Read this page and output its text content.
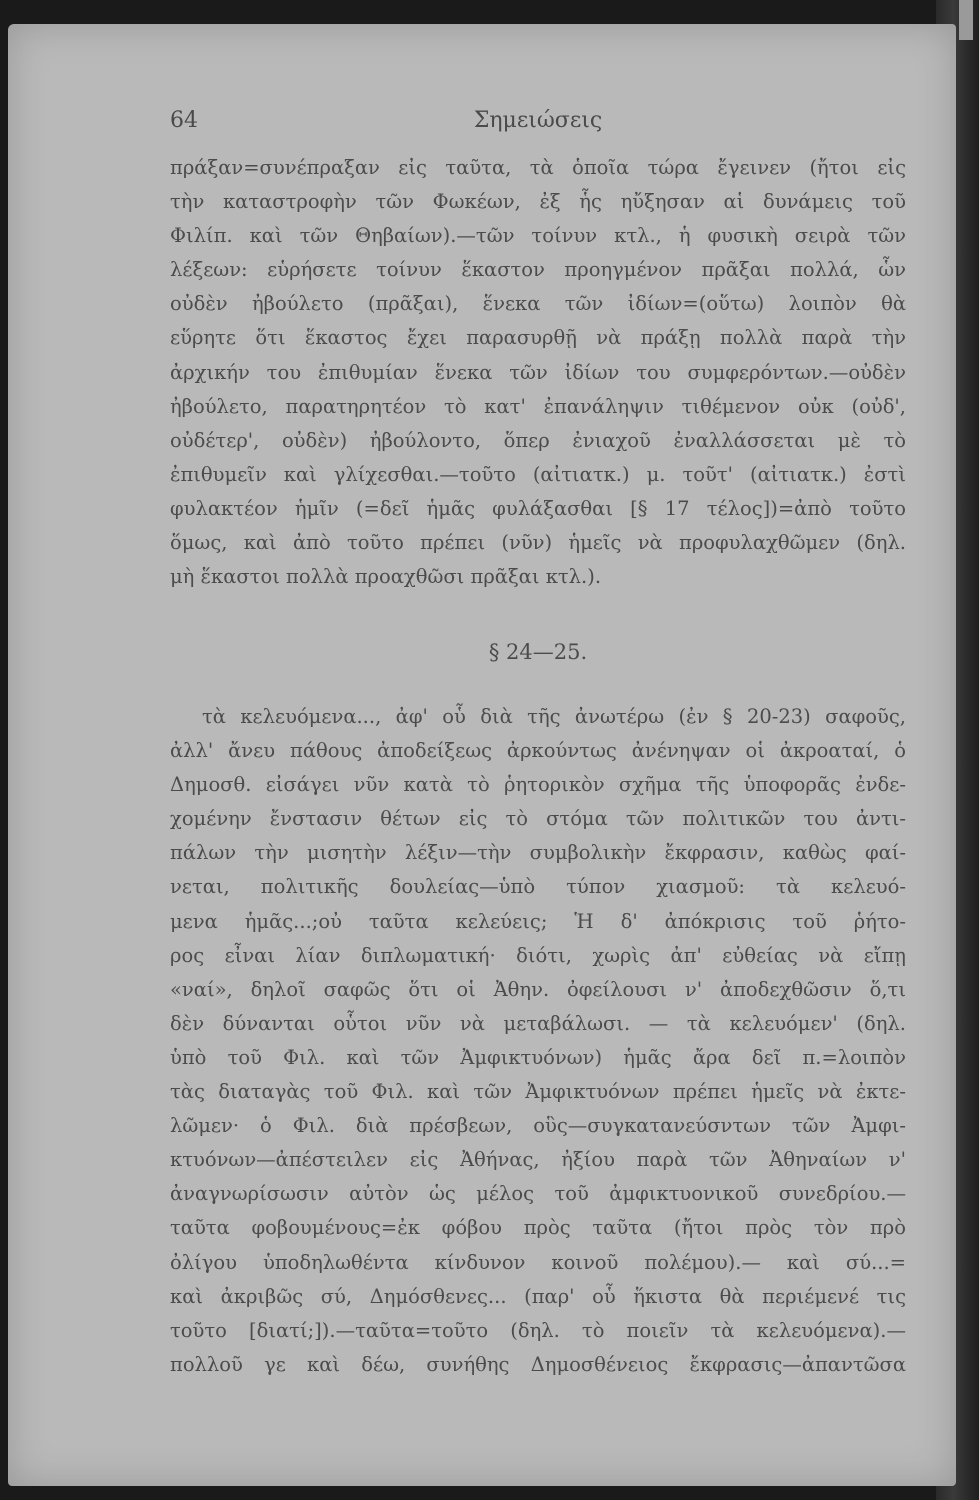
64	Σημειώσεις
πράξαν=συνέπραξαν εἰς ταῦτα, τὰ ὁποῖα τώρα ἔγεινεν (ἤτοι εἰς
τὴν καταστροφὴν τῶν Φωκέων, ἐξ ἧς ηὔξησαν αἱ δυνάμεις τοῦ
Φιλίπ. καὶ τῶν Θηβαίων).—τῶν τοίνυν κτλ., ἡ φυσικὴ σειρὰ τῶν
λέξεων: εὑρήσετε τοίνυν ἕκαστον προηγμένον πρᾶξαι πολλά, ὧν
οὐδὲν ἠβούλετο (πρᾶξαι), ἕνεκα τῶν ἰδίων=(οὕτω) λοιπὸν θὰ
εὕρητε ὅτι ἕκαστος ἔχει παρασυρθῇ νὰ πράξῃ πολλὰ παρὰ τὴν
ἀρχικήν του ἐπιθυμίαν ἕνεκα τῶν ἰδίων του συμφερόντων.—οὐδὲν
ἠβούλετο, παρατηρητέον τὸ κατ' ἐπανάληψιν τιθέμενον οὐκ (οὐδ',
οὐδέτερ', οὐδὲν) ἠβούλοντο, ὅπερ ἐνιαχοῦ ἐναλλάσσεται μὲ τὸ
ἐπιθυμεῖν καὶ γλίχεσθαι.—τοῦτο (αἰτιατκ.) μ. τοῦτ' (αἰτιατκ.) ἐστὶ
φυλακτέον ἡμῖν (=δεῖ ἡμᾶς φυλάξασθαι [§ 17 τέλος])=ἀπὸ τοῦτο
ὅμως, καὶ ἀπὸ τοῦτο πρέπει (νῦν) ἡμεῖς νὰ προφυλαχθῶμεν (δηλ.
μὴ ἕκαστοι πολλὰ προαχθῶσι πρᾶξαι κτλ.).
§ 24—25.
τὰ κελευόμενα..., ἀφ' οὗ διὰ τῆς ἀνωτέρω (ἐν § 20-23) σαφοῦς,
ἀλλ' ἄνευ πάθους ἀποδείξεως ἀρκούντως ἀνένηψαν οἱ ἀκροαταί, ὁ
Δημοσθ. εἰσάγει νῦν κατὰ τὸ ῥητορικὸν σχῆμα τῆς ὑποφορᾶς ἐνδε-
χομένην ἔνστασιν θέτων εἰς τὸ στόμα τῶν πολιτικῶν του ἀντι-
πάλων τὴν μισητὴν λέξιν—τὴν συμβολικὴν ἔκφρασιν, καθὼς φαί-
νεται, πολιτικῆς δουλείας—ὑπὸ τύπον χιασμοῦ: τὰ κελευό-
μενα ἡμᾶς...;οὐ ταῦτα κελεύεις; Ἡ δ' ἀπόκρισις τοῦ ῥήτο-
ρος εἶναι λίαν διπλωματική· διότι, χωρὶς ἀπ' εὐθείας νὰ εἴπῃ
«ναί», δηλοῖ σαφῶς ὅτι οἱ Ἀθην. ὀφείλουσι ν' ἀποδεχθῶσιν ὅ,τι
δὲν δύνανται οὗτοι νῦν νὰ μεταβάλωσι. — τὰ κελευόμεν' (δηλ.
ὑπὸ τοῦ Φιλ. καὶ τῶν Ἀμφικτυόνων) ἡμᾶς ἄρα δεῖ π.=λοιπὸν
τὰς διαταγὰς τοῦ Φιλ. καὶ τῶν Ἀμφικτυόνων πρέπει ἡμεῖς νὰ ἐκτε-
λῶμεν· ὁ Φιλ. διὰ πρέσβεων, οὓς—συγκατανεύσντων τῶν Ἀμφι-
κτυόνων—ἀπέστειλεν εἰς Ἀθήνας, ἠξίου παρὰ τῶν Ἀθηναίων ν'
ἀναγνωρίσωσιν αὐτὸν ὡς μέλος τοῦ ἀμφικτυονικοῦ συνεδρίου.—
ταῦτα φοβουμένους=ἐκ φόβου πρὸς ταῦτα (ἤτοι πρὸς τὸν πρὸ
ὀλίγου ὑποδηλωθέντα κίνδυνον κοινοῦ πολέμου).— καὶ σύ...=
καὶ ἀκριβῶς σύ, Δημόσθενες... (παρ' οὗ ἥκιστα θὰ περιέμενέ τις
τοῦτο [διατί;]).—ταῦτα=τοῦτο (δηλ. τὸ ποιεῖν τὰ κελευόμενα).—
πολλοῦ γε καὶ δέω, συνήθης Δημοσθένειος ἔκφρασις—ἀπαντῶσα
